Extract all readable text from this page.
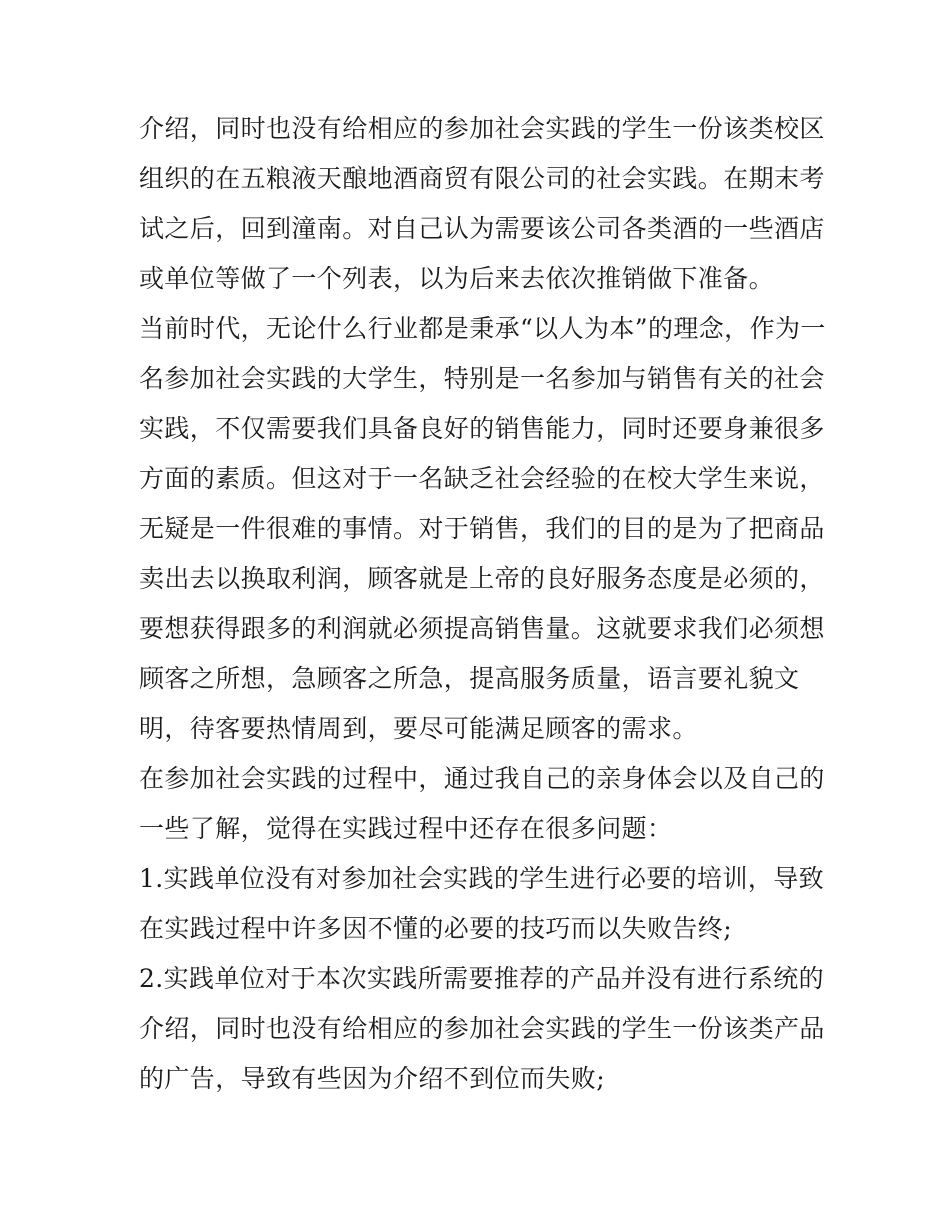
介绍，同时也没有给相应的参加社会实践的学生一份该类校区
组织的在五粮液天酿地酒商贸有限公司的社会实践。在期末考
试之后，回到潼南。对自己认为需要该公司各类酒的一些酒店
或单位等做了一个列表，以为后来去依次推销做下准备。
当前时代，无论什么行业都是秉承“以人为本”的理念，作为一
名参加社会实践的大学生，特别是一名参加与销售有关的社会
实践，不仅需要我们具备良好的销售能力，同时还要身兼很多
方面的素质。但这对于一名缺乏社会经验的在校大学生来说，
无疑是一件很难的事情。对于销售，我们的目的是为了把商品
卖出去以换取利润，顾客就是上帝的良好服务态度是必须的，
要想获得跟多的利润就必须提高销售量。这就要求我们必须想
顾客之所想，急顾客之所急，提高服务质量，语言要礼貌文
明，待客要热情周到，要尽可能满足顾客的需求。
在参加社会实践的过程中，通过我自己的亲身体会以及自己的
一些了解，觉得在实践过程中还存在很多问题：
1.实践单位没有对参加社会实践的学生进行必要的培训，导致
在实践过程中许多因不懂的必要的技巧而以失败告终;
2.实践单位对于本次实践所需要推荐的产品并没有进行系统的
介绍，同时也没有给相应的参加社会实践的学生一份该类产品
的广告，导致有些因为介绍不到位而失败;
